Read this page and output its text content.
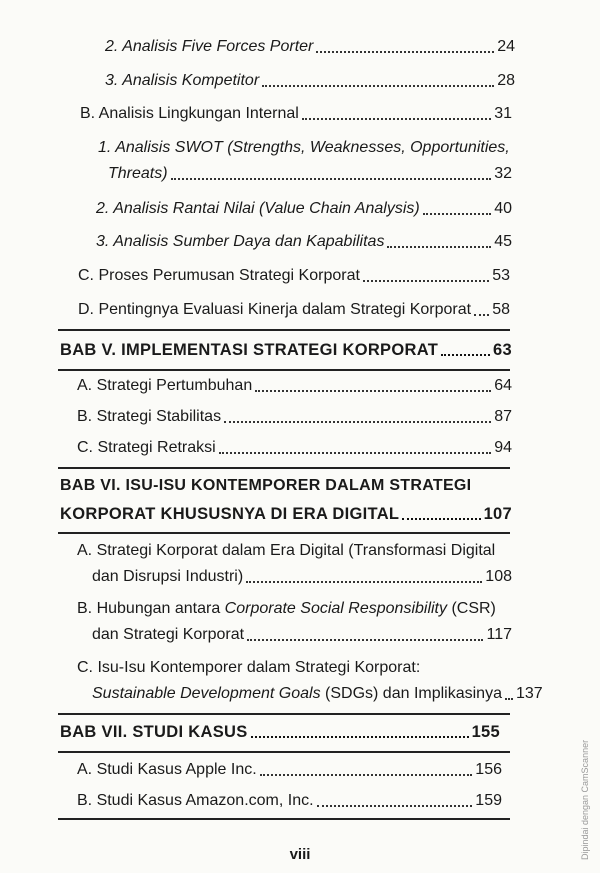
2. Analisis Five Forces Porter	24
3. Analisis Kompetitor	28
B. Analisis Lingkungan Internal	31
1. Analisis SWOT (Strengths, Weaknesses, Opportunities,
Threats)	32
2. Analisis Rantai Nilai (Value Chain Analysis)	40
3. Analisis Sumber Daya dan Kapabilitas	45
C. Proses Perumusan Strategi Korporat	53
D. Pentingnya Evaluasi Kinerja dalam Strategi Korporat 58
BAB V. IMPLEMENTASI STRATEGI KORPORAT	63
A. Strategi Pertumbuhan	64
B. Strategi Stabilitas	87
C. Strategi Retraksi	94
BAB VI. ISU-ISU KONTEMPORER DALAM STRATEGI
KORPORAT KHUSUSNYA DI ERA DIGITAL	107
A. Strategi Korporat dalam Era Digital (Transformasi Digital
dan Disrupsi Industri)	108
B. Hubungan antara Corporate Social Responsibility (CSR)
dan Strategi Korporat	117
C. Isu-Isu Kontemporer dalam Strategi Korporat:
Sustainable Development Goals (SDGs) dan Implikasinya 137
BAB VII. STUDI KASUS	155
A. Studi Kasus Apple Inc.	156
B. Studi Kasus Amazon.com, Inc.	159
viii	Dipindai dengan CamScanner
